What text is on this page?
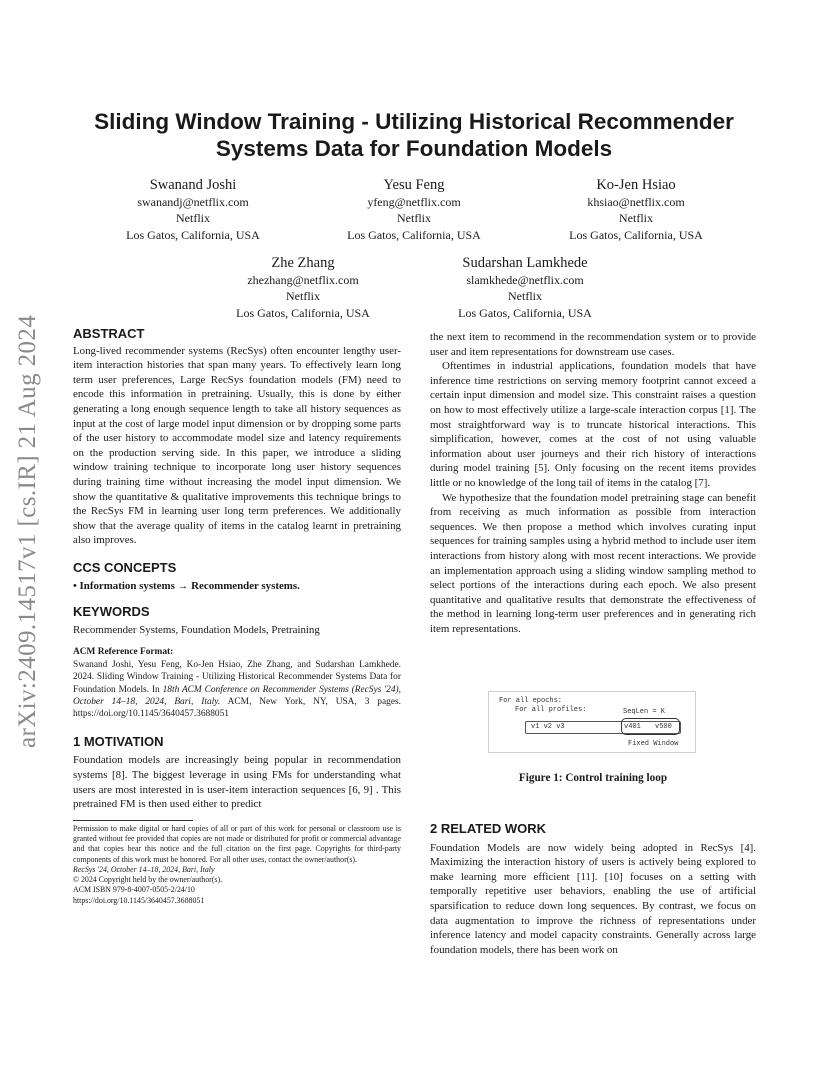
arXiv:2409.14517v1 [cs.IR] 21 Aug 2024
Sliding Window Training - Utilizing Historical Recommender
Systems Data for Foundation Models
Swanand Joshi
swanandj@netflix.com
Netflix
Los Gatos, California, USA
Yesu Feng
yfeng@netflix.com
Netflix
Los Gatos, California, USA
Ko-Jen Hsiao
khsiao@netflix.com
Netflix
Los Gatos, California, USA
Zhe Zhang
zhezhang@netflix.com
Netflix
Los Gatos, California, USA
Sudarshan Lamkhede
slamkhede@netflix.com
Netflix
Los Gatos, California, USA
ABSTRACT

Long-lived recommender systems (RecSys) often encounter lengthy user-item interaction histories that span many years. To effectively learn long term user preferences, Large RecSys foundation models (FM) need to encode this information in pretraining. Usually, this is done by either generating a long enough sequence length to take all history sequences as input at the cost of large model input dimension or by dropping some parts of the user history to accommodate model size and latency requirements on the production serving side. In this paper, we introduce a sliding window training technique to incorporate long user history sequences during training time without increasing the model input dimension. We show the quantitative & qualitative improvements this technique brings to the RecSys FM in learning user long term preferences. We additionally show that the average quality of items in the catalog learnt in pretraining also improves.

CCS CONCEPTS

• Information systems → Recommender systems.

KEYWORDS

Recommender Systems, Foundation Models, Pretraining

ACM Reference Format:

Swanand Joshi, Yesu Feng, Ko-Jen Hsiao, Zhe Zhang, and Sudarshan Lamkhede. 2024. Sliding Window Training - Utilizing Historical Recommender Systems Data for Foundation Models. In 18th ACM Conference on Recommender Systems (RecSys '24), October 14–18, 2024, Bari, Italy. ACM, New York, NY, USA, 3 pages. https://doi.org/10.1145/3640457.3688051

1 MOTIVATION

Foundation models are increasingly being popular in recommendation systems [8]. The biggest leverage in using FMs for understanding what users are most interested in is user-item interaction sequences [6, 9] . This pretrained FM is then used either to predict

Permission to make digital or hard copies of all or part of this work for personal or classroom use is granted without fee provided that copies are not made or distributed for profit or commercial advantage and that copies bear this notice and the full citation on the first page. Copyrights for third-party components of this work must be honored. For all other uses, contact the owner/author(s).
RecSys '24, October 14–18, 2024, Bari, Italy
© 2024 Copyright held by the owner/author(s).
ACM ISBN 979-8-4007-0505-2/24/10
https://doi.org/10.1145/3640457.3688051

the next item to recommend in the recommendation system or to provide user and item representations for downstream use cases.

Oftentimes in industrial applications, foundation models that have inference time restrictions on serving memory footprint cannot exceed a certain input dimension and model size. This constraint raises a question on how to most effectively utilize a large-scale interaction corpus [1]. The most straightforward way is to truncate historical interactions. This simplification, however, comes at the cost of not using valuable information about user journeys and their rich history of interactions during model training [5]. Only focusing on the recent items provides little or no knowledge of the long tail of items in the catalog [7].

We hypothesize that the foundation model pretraining stage can benefit from receiving as much information as possible from interaction sequences. We then propose a method which involves curating input sequences for training samples using a hybrid method to include user item interactions from history along with most recent interactions. We provide an implementation approach using a sliding window sampling method to select portions of the interactions during each epoch. We also present quantitative and qualitative results that demonstrate the effectiveness of the method in learning long-term user preferences and in generating rich item representations.

For all epochs:
For all profiles:	SeqLen = K
v1 v2 v3	v401 v500
Fixed Window
Figure 1: Control training loop
2 RELATED WORK

Foundation Models are now widely being adopted in RecSys [4]. Maximizing the interaction history of users is actively being explored to make learning more efficient [11]. [10] focuses on a setting with temporally repetitive user behaviors, enabling the use of artificial sparsification to reduce down long sequences. By contrast, we focus on data augmentation to improve the richness of representations under inference latency and model capacity constraints. Generally across large foundation models, there has been work on
